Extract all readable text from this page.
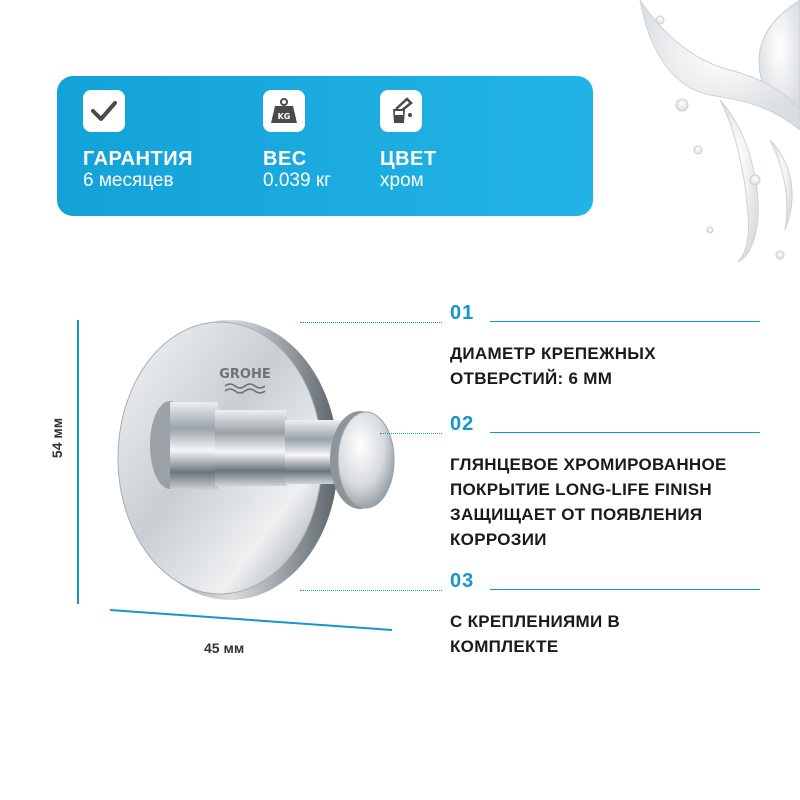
ГАРАНТИЯ
6 месяцев
KG
ВЕС
0.039 кг
ЦВЕТ
хром
54 мм
45 мм
GROHE
01
ДИАМЕТР КРЕПЕЖНЫХ ОТВЕРСТИЙ: 6 ММ
02
ГЛЯНЦЕВОЕ ХРОМИРОВАННОЕ ПОКРЫТИЕ LONG-LIFE FINISH ЗАЩИЩАЕТ ОТ ПОЯВЛЕНИЯ КОРРОЗИИ
03
С КРЕПЛЕНИЯМИ В КОМПЛЕКТЕ
